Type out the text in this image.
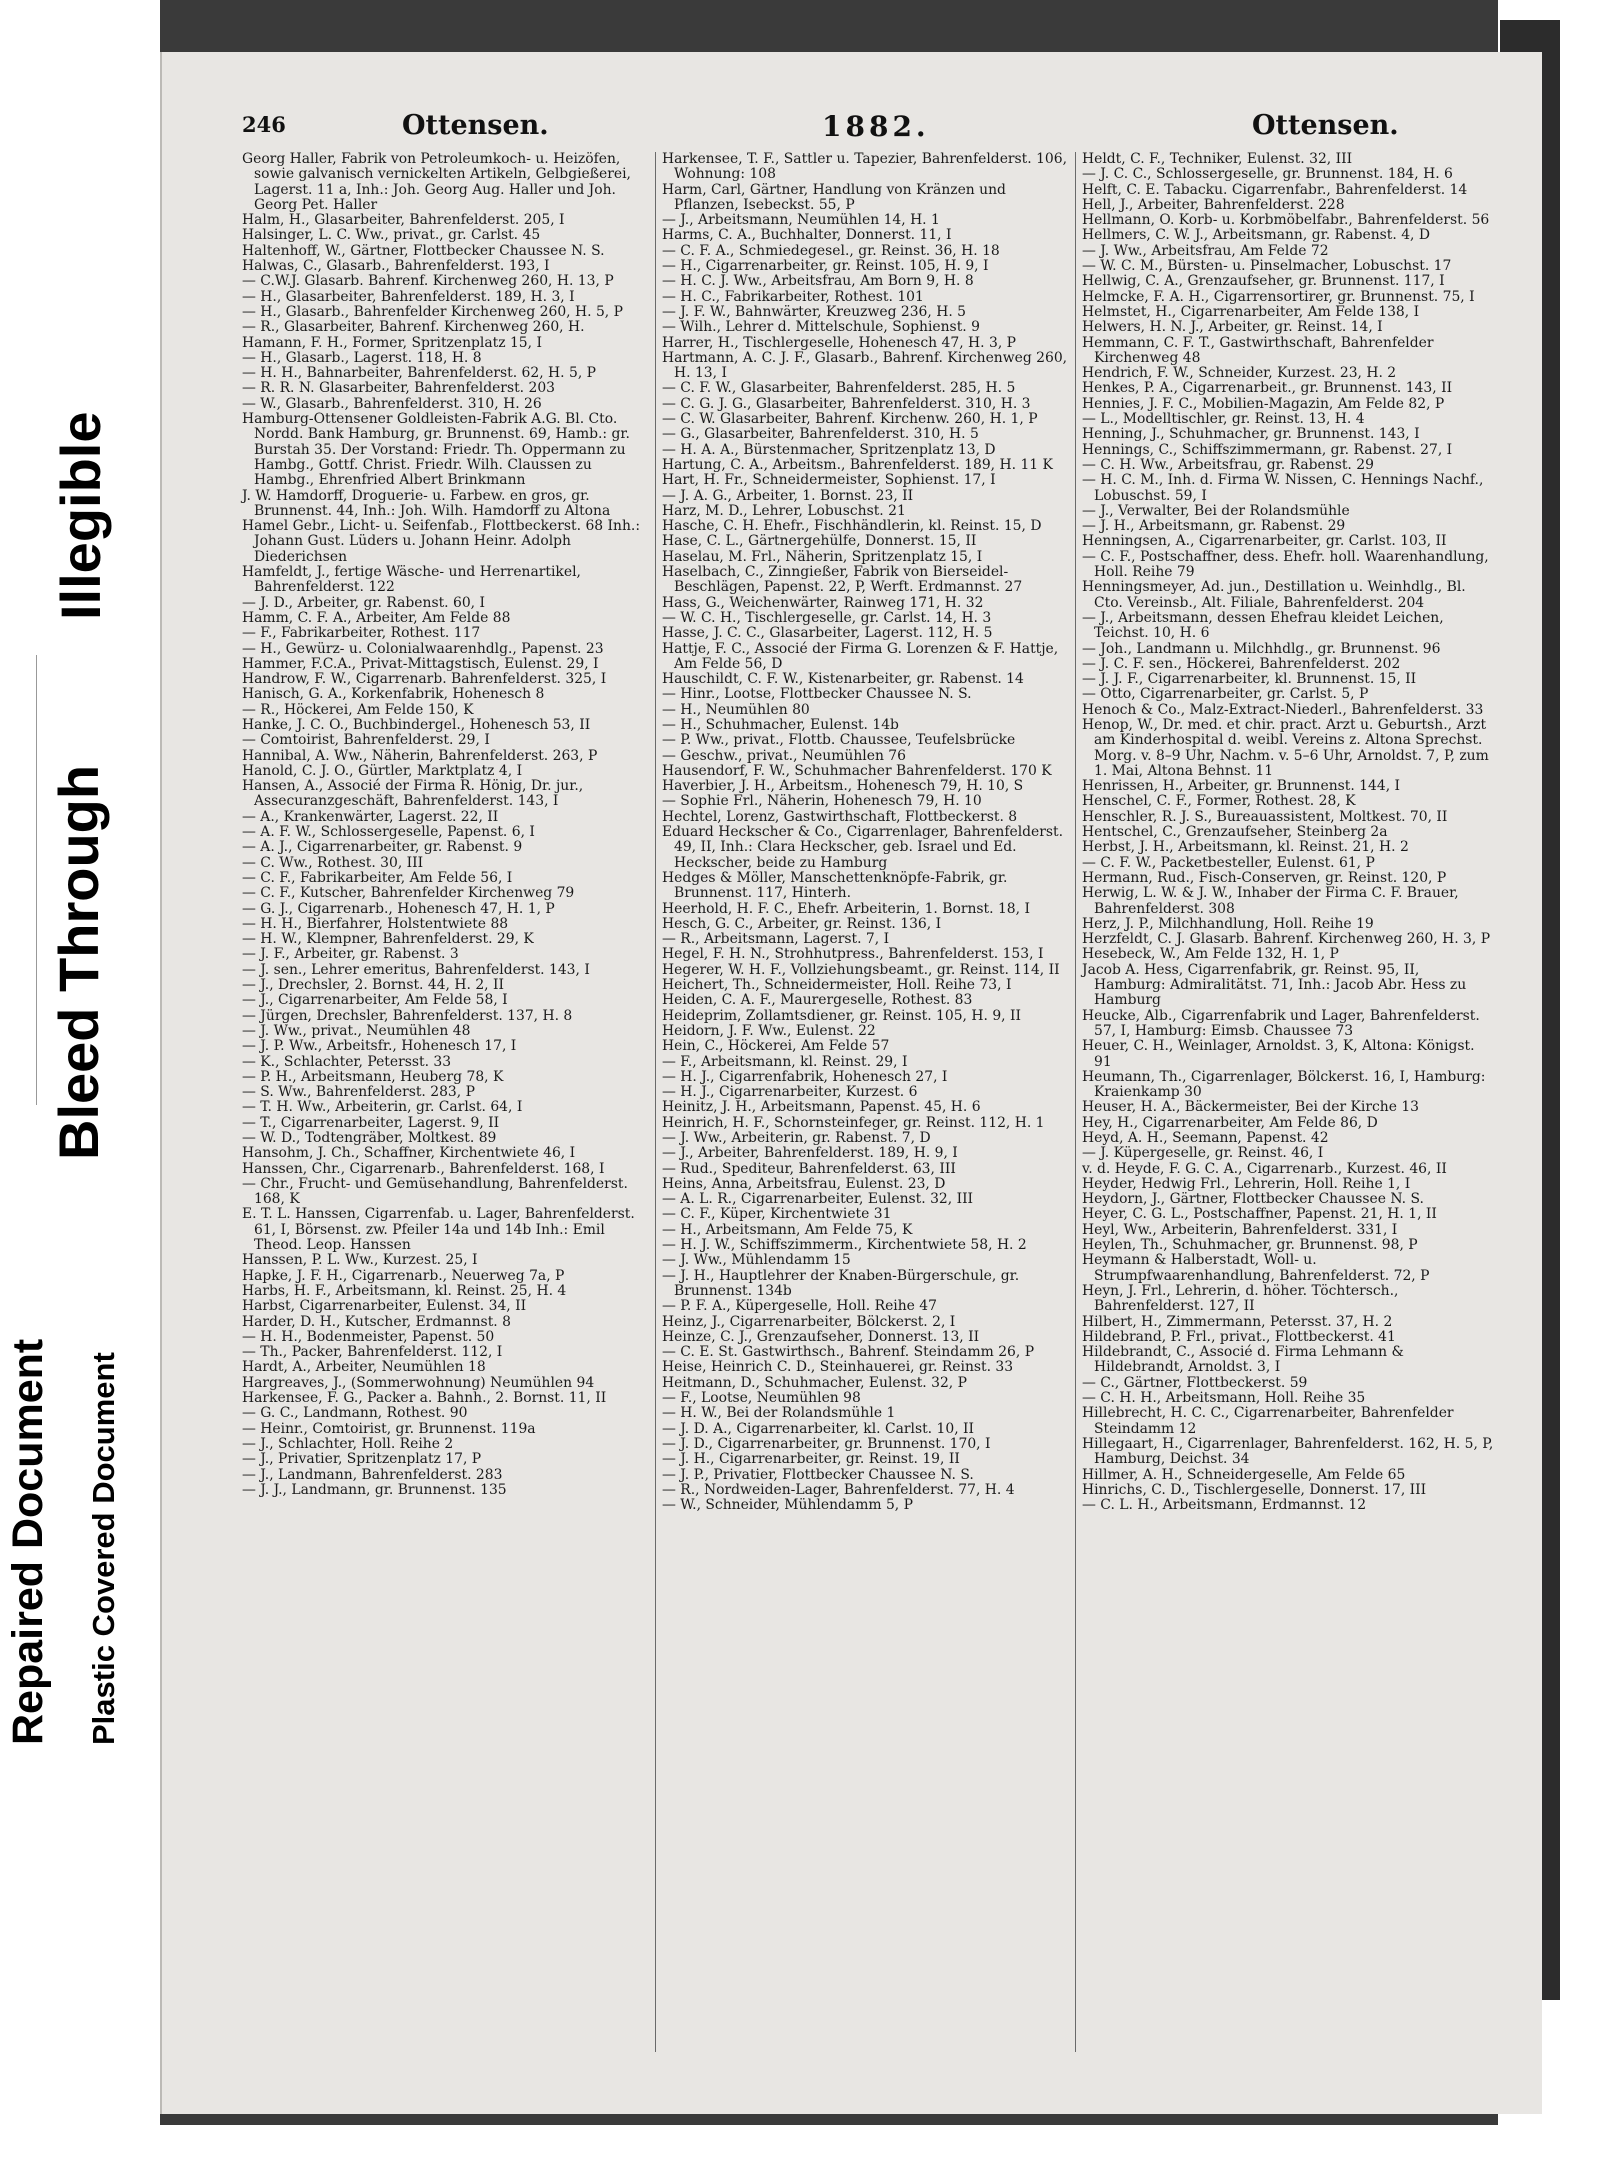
Repaired Document Plastic Covered Document
Bleed Through
Illegible
246	Ottensen.	1882.	Ottensen.

Georg Haller, Fabrik von Petroleumkoch- u. Heizöfen, sowie galvanisch vernickelten Artikeln, Gelbgießerei, Lagerst. 11 a, Inh.: Joh. Georg Aug. Haller und Joh. Georg Pet. Haller

Halm, H., Glasarbeiter, Bahrenfelderst. 205, I

Halsinger, L. C. Ww., privat., gr. Carlst. 45

Haltenhoff, W., Gärtner, Flottbecker Chaussee N. S.

Halwas, C., Glasarb., Bahrenfelderst. 193, I

— C.W.J. Glasarb. Bahrenf. Kirchenweg 260, H. 13, P

— H., Glasarbeiter, Bahrenfelderst. 189, H. 3, I

— H., Glasarb., Bahrenfelder Kirchenweg 260, H. 5, P

— R., Glasarbeiter, Bahrenf. Kirchenweg 260, H.

Hamann, F. H., Former, Spritzenplatz 15, I

— H., Glasarb., Lagerst. 118, H. 8

— H. H., Bahnarbeiter, Bahrenfelderst. 62, H. 5, P

— R. R. N. Glasarbeiter, Bahrenfelderst. 203

— W., Glasarb., Bahrenfelderst. 310, H. 26

Hamburg-Ottensener Goldleisten-Fabrik A.G. Bl. Cto. Nordd. Bank Hamburg, gr. Brunnenst. 69, Hamb.: gr. Burstah 35. Der Vorstand: Friedr. Th. Oppermann zu Hambg., Gottf. Christ. Friedr. Wilh. Claussen zu Hambg., Ehrenfried Albert Brinkmann

J. W. Hamdorff, Droguerie- u. Farbew. en gros, gr. Brunnenst. 44, Inh.: Joh. Wilh. Hamdorff zu Altona

Hamel Gebr., Licht- u. Seifenfab., Flottbeckerst. 68 Inh.: Johann Gust. Lüders u. Johann Heinr. Adolph Diederichsen

Hamfeldt, J., fertige Wäsche- und Herrenartikel, Bahrenfelderst. 122

— J. D., Arbeiter, gr. Rabenst. 60, I

Hamm, C. F. A., Arbeiter, Am Felde 88

— F., Fabrikarbeiter, Rothest. 117

— H., Gewürz- u. Colonialwaarenhdlg., Papenst. 23

Hammer, F.C.A., Privat-Mittagstisch, Eulenst. 29, I

Handrow, F. W., Cigarrenarb. Bahrenfelderst. 325, I

Hanisch, G. A., Korkenfabrik, Hohenesch 8

— R., Höckerei, Am Felde 150, K

Hanke, J. C. O., Buchbindergel., Hohenesch 53, II

— Comtoirist, Bahrenfelderst. 29, I

Hannibal, A. Ww., Näherin, Bahrenfelderst. 263, P

Hanold, C. J. O., Gürtler, Marktplatz 4, I

Hansen, A., Associé der Firma R. Hönig, Dr. jur., Assecuranzgeschäft, Bahrenfelderst. 143, I

— A., Krankenwärter, Lagerst. 22, II

— A. F. W., Schlossergeselle, Papenst. 6, I

— A. J., Cigarrenarbeiter, gr. Rabenst. 9

— C. Ww., Rothest. 30, III

— C. F., Fabrikarbeiter, Am Felde 56, I

— C. F., Kutscher, Bahrenfelder Kirchenweg 79

— G. J., Cigarrenarb., Hohenesch 47, H. 1, P

— H. H., Bierfahrer, Holstentwiete 88

— H. W., Klempner, Bahrenfelderst. 29, K

— J. F., Arbeiter, gr. Rabenst. 3

— J. sen., Lehrer emeritus, Bahrenfelderst. 143, I

— J., Drechsler, 2. Bornst. 44, H. 2, II

— J., Cigarrenarbeiter, Am Felde 58, I

— Jürgen, Drechsler, Bahrenfelderst. 137, H. 8

— J. Ww., privat., Neumühlen 48

— J. P. Ww., Arbeitsfr., Hohenesch 17, I

— K., Schlachter, Petersst. 33

— P. H., Arbeitsmann, Heuberg 78, K

— S. Ww., Bahrenfelderst. 283, P

— T. H. Ww., Arbeiterin, gr. Carlst. 64, I

— T., Cigarrenarbeiter, Lagerst. 9, II

— W. D., Todtengräber, Moltkest. 89

Hansohm, J. Ch., Schaffner, Kirchentwiete 46, I

Hanssen, Chr., Cigarrenarb., Bahrenfelderst. 168, I

— Chr., Frucht- und Gemüsehandlung, Bahrenfelderst. 168, K

E. T. L. Hanssen, Cigarrenfab. u. Lager, Bahrenfelderst. 61, I, Börsenst. zw. Pfeiler 14a und 14b Inh.: Emil Theod. Leop. Hanssen

Hanssen, P. L. Ww., Kurzest. 25, I

Hapke, J. F. H., Cigarrenarb., Neuerweg 7a, P

Harbs, H. F., Arbeitsmann, kl. Reinst. 25, H. 4

Harbst, Cigarrenarbeiter, Eulenst. 34, II

Harder, D. H., Kutscher, Erdmannst. 8

— H. H., Bodenmeister, Papenst. 50

— Th., Packer, Bahrenfelderst. 112, I

Hardt, A., Arbeiter, Neumühlen 18

Hargreaves, J., (Sommerwohnung) Neumühlen 94

Harkensee, F. G., Packer a. Bahnh., 2. Bornst. 11, II

— G. C., Landmann, Rothest. 90

— Heinr., Comtoirist, gr. Brunnenst. 119a

— J., Schlachter, Holl. Reihe 2

— J., Privatier, Spritzenplatz 17, P

— J., Landmann, Bahrenfelderst. 283

— J. J., Landmann, gr. Brunnenst. 135

Harkensee, T. F., Sattler u. Tapezier, Bahrenfelderst. 106, Wohnung: 108

Harm, Carl, Gärtner, Handlung von Kränzen und Pflanzen, Isebeckst. 55, P

— J., Arbeitsmann, Neumühlen 14, H. 1

Harms, C. A., Buchhalter, Donnerst. 11, I

— C. F. A., Schmiedegesel., gr. Reinst. 36, H. 18

— H., Cigarrenarbeiter, gr. Reinst. 105, H. 9, I

— H. C. J. Ww., Arbeitsfrau, Am Born 9, H. 8

— H. C., Fabrikarbeiter, Rothest. 101

— J. F. W., Bahnwärter, Kreuzweg 236, H. 5

— Wilh., Lehrer d. Mittelschule, Sophienst. 9

Harrer, H., Tischlergeselle, Hohenesch 47, H. 3, P

Hartmann, A. C. J. F., Glasarb., Bahrenf. Kirchenweg 260, H. 13, I

— C. F. W., Glasarbeiter, Bahrenfelderst. 285, H. 5

— C. G. J. G., Glasarbeiter, Bahrenfelderst. 310, H. 3

— C. W. Glasarbeiter, Bahrenf. Kirchenw. 260, H. 1, P

— G., Glasarbeiter, Bahrenfelderst. 310, H. 5

— H. A. A., Bürstenmacher, Spritzenplatz 13, D

Hartung, C. A., Arbeitsm., Bahrenfelderst. 189, H. 11 K

Hart, H. Fr., Schneidermeister, Sophienst. 17, I

— J. A. G., Arbeiter, 1. Bornst. 23, II

Harz, M. D., Lehrer, Lobuschst. 21

Hasche, C. H. Ehefr., Fischhändlerin, kl. Reinst. 15, D

Hase, C. L., Gärtnergehülfe, Donnerst. 15, II

Haselau, M. Frl., Näherin, Spritzenplatz 15, I

Haselbach, C., Zinngießer, Fabrik von Bierseidel-Beschlägen, Papenst. 22, P, Werft. Erdmannst. 27

Hass, G., Weichenwärter, Rainweg 171, H. 32

— W. C. H., Tischlergeselle, gr. Carlst. 14, H. 3

Hasse, J. C. C., Glasarbeiter, Lagerst. 112, H. 5

Hattje, F. C., Associé der Firma G. Lorenzen & F. Hattje, Am Felde 56, D

Hauschildt, C. F. W., Kistenarbeiter, gr. Rabenst. 14

— Hinr., Lootse, Flottbecker Chaussee N. S.

— H., Neumühlen 80

— H., Schuhmacher, Eulenst. 14b

— P. Ww., privat., Flottb. Chaussee, Teufelsbrücke

— Geschw., privat., Neumühlen 76

Hausendorf, F. W., Schuhmacher Bahrenfelderst. 170 K

Haverbier, J. H., Arbeitsm., Hohenesch 79, H. 10, S

— Sophie Frl., Näherin, Hohenesch 79, H. 10

Hechtel, Lorenz, Gastwirthschaft, Flottbeckerst. 8

Eduard Heckscher & Co., Cigarrenlager, Bahrenfelderst. 49, II, Inh.: Clara Heckscher, geb. Israel und Ed. Heckscher, beide zu Hamburg

Hedges & Möller, Manschettenknöpfe-Fabrik, gr. Brunnenst. 117, Hinterh.

Heerhold, H. F. C., Ehefr. Arbeiterin, 1. Bornst. 18, I

Hesch, G. C., Arbeiter, gr. Reinst. 136, I

— R., Arbeitsmann, Lagerst. 7, I

Hegel, F. H. N., Strohhutpress., Bahrenfelderst. 153, I

Hegerer, W. H. F., Vollziehungsbeamt., gr. Reinst. 114, II

Heichert, Th., Schneidermeister, Holl. Reihe 73, I

Heiden, C. A. F., Maurergeselle, Rothest. 83

Heideprim, Zollamtsdiener, gr. Reinst. 105, H. 9, II

Heidorn, J. F. Ww., Eulenst. 22

Hein, C., Höckerei, Am Felde 57

— F., Arbeitsmann, kl. Reinst. 29, I

— H. J., Cigarrenfabrik, Hohenesch 27, I

— H. J., Cigarrenarbeiter, Kurzest. 6

Heinitz, J. H., Arbeitsmann, Papenst. 45, H. 6

Heinrich, H. F., Schornsteinfeger, gr. Reinst. 112, H. 1

— J. Ww., Arbeiterin, gr. Rabenst. 7, D

— J., Arbeiter, Bahrenfelderst. 189, H. 9, I

— Rud., Spediteur, Bahrenfelderst. 63, III

Heins, Anna, Arbeitsfrau, Eulenst. 23, D

— A. L. R., Cigarrenarbeiter, Eulenst. 32, III

— C. F., Küper, Kirchentwiete 31

— H., Arbeitsmann, Am Felde 75, K

— H. J. W., Schiffszimmerm., Kirchentwiete 58, H. 2

— J. Ww., Mühlendamm 15

— J. H., Hauptlehrer der Knaben-Bürgerschule, gr. Brunnenst. 134b

— P. F. A., Küpergeselle, Holl. Reihe 47

Heinz, J., Cigarrenarbeiter, Bölckerst. 2, I

Heinze, C. J., Grenzaufseher, Donnerst. 13, II

— C. E. St. Gastwirthsch., Bahrenf. Steindamm 26, P

Heise, Heinrich C. D., Steinhauerei, gr. Reinst. 33

Heitmann, D., Schuhmacher, Eulenst. 32, P

— F., Lootse, Neumühlen 98

— H. W., Bei der Rolandsmühle 1

— J. D. A., Cigarrenarbeiter, kl. Carlst. 10, II

— J. D., Cigarrenarbeiter, gr. Brunnenst. 170, I

— J. H., Cigarrenarbeiter, gr. Reinst. 19, II

— J. P., Privatier, Flottbecker Chaussee N. S.

— R., Nordweiden-Lager, Bahrenfelderst. 77, H. 4

— W., Schneider, Mühlendamm 5, P

Heldt, C. F., Techniker, Eulenst. 32, III

— J. C. C., Schlossergeselle, gr. Brunnenst. 184, H. 6

Helft, C. E. Tabacku. Cigarrenfabr., Bahrenfelderst. 14

Hell, J., Arbeiter, Bahrenfelderst. 228

Hellmann, O. Korb- u. Korbmöbelfabr., Bahrenfelderst. 56

Hellmers, C. W. J., Arbeitsmann, gr. Rabenst. 4, D

— J. Ww., Arbeitsfrau, Am Felde 72

— W. C. M., Bürsten- u. Pinselmacher, Lobuschst. 17

Hellwig, C. A., Grenzaufseher, gr. Brunnenst. 117, I

Helmcke, F. A. H., Cigarrensortirer, gr. Brunnenst. 75, I

Helmstet, H., Cigarrenarbeiter, Am Felde 138, I

Helwers, H. N. J., Arbeiter, gr. Reinst. 14, I

Hemmann, C. F. T., Gastwirthschaft, Bahrenfelder Kirchenweg 48

Hendrich, F. W., Schneider, Kurzest. 23, H. 2

Henkes, P. A., Cigarrenarbeit., gr. Brunnenst. 143, II

Hennies, J. F. C., Mobilien-Magazin, Am Felde 82, P

— L., Modelltischler, gr. Reinst. 13, H. 4

Henning, J., Schuhmacher, gr. Brunnenst. 143, I

Hennings, C., Schiffszimmermann, gr. Rabenst. 27, I

— C. H. Ww., Arbeitsfrau, gr. Rabenst. 29

— H. C. M., Inh. d. Firma W. Nissen, C. Hennings Nachf., Lobuschst. 59, I

— J., Verwalter, Bei der Rolandsmühle

— J. H., Arbeitsmann, gr. Rabenst. 29

Henningsen, A., Cigarrenarbeiter, gr. Carlst. 103, II

— C. F., Postschaffner, dess. Ehefr. holl. Waarenhandlung, Holl. Reihe 79

Henningsmeyer, Ad. jun., Destillation u. Weinhdlg., Bl. Cto. Vereinsb., Alt. Filiale, Bahrenfelderst. 204

— J., Arbeitsmann, dessen Ehefrau kleidet Leichen, Teichst. 10, H. 6

— Joh., Landmann u. Milchhdlg., gr. Brunnenst. 96

— J. C. F. sen., Höckerei, Bahrenfelderst. 202

— J. J. F., Cigarrenarbeiter, kl. Brunnenst. 15, II

— Otto, Cigarrenarbeiter, gr. Carlst. 5, P

Henoch & Co., Malz-Extract-Niederl., Bahrenfelderst. 33

Henop, W., Dr. med. et chir. pract. Arzt u. Geburtsh., Arzt am Kinderhospital d. weibl. Vereins z. Altona Sprechst. Morg. v. 8–9 Uhr, Nachm. v. 5–6 Uhr, Arnoldst. 7, P, zum 1. Mai, Altona Behnst. 11

Henrissen, H., Arbeiter, gr. Brunnenst. 144, I

Henschel, C. F., Former, Rothest. 28, K

Henschler, R. J. S., Bureauassistent, Moltkest. 70, II

Hentschel, C., Grenzaufseher, Steinberg 2a

Herbst, J. H., Arbeitsmann, kl. Reinst. 21, H. 2

— C. F. W., Packetbesteller, Eulenst. 61, P

Hermann, Rud., Fisch-Conserven, gr. Reinst. 120, P

Herwig, L. W. & J. W., Inhaber der Firma C. F. Brauer, Bahrenfelderst. 308

Herz, J. P., Milchhandlung, Holl. Reihe 19

Herzfeldt, C. J. Glasarb. Bahrenf. Kirchenweg 260, H. 3, P

Hesebeck, W., Am Felde 132, H. 1, P

Jacob A. Hess, Cigarrenfabrik, gr. Reinst. 95, II, Hamburg: Admiralitätst. 71, Inh.: Jacob Abr. Hess zu Hamburg

Heucke, Alb., Cigarrenfabrik und Lager, Bahrenfelderst. 57, I, Hamburg: Eimsb. Chaussee 73

Heuer, C. H., Weinlager, Arnoldst. 3, K, Altona: Königst. 91

Heumann, Th., Cigarrenlager, Bölckerst. 16, I, Hamburg: Kraienkamp 30

Heuser, H. A., Bäckermeister, Bei der Kirche 13

Hey, H., Cigarrenarbeiter, Am Felde 86, D

Heyd, A. H., Seemann, Papenst. 42

— J. Küpergeselle, gr. Reinst. 46, I

v. d. Heyde, F. G. C. A., Cigarrenarb., Kurzest. 46, II

Heyder, Hedwig Frl., Lehrerin, Holl. Reihe 1, I

Heydorn, J., Gärtner, Flottbecker Chaussee N. S.

Heyer, C. G. L., Postschaffner, Papenst. 21, H. 1, II

Heyl, Ww., Arbeiterin, Bahrenfelderst. 331, I

Heylen, Th., Schuhmacher, gr. Brunnenst. 98, P

Heymann & Halberstadt, Woll- u. Strumpfwaarenhandlung, Bahrenfelderst. 72, P

Heyn, J. Frl., Lehrerin, d. höher. Töchtersch., Bahrenfelderst. 127, II

Hilbert, H., Zimmermann, Petersst. 37, H. 2

Hildebrand, P. Frl., privat., Flottbeckerst. 41

Hildebrandt, C., Associé d. Firma Lehmann & Hildebrandt, Arnoldst. 3, I

— C., Gärtner, Flottbeckerst. 59

— C. H. H., Arbeitsmann, Holl. Reihe 35

Hillebrecht, H. C. C., Cigarrenarbeiter, Bahrenfelder Steindamm 12

Hillegaart, H., Cigarrenlager, Bahrenfelderst. 162, H. 5, P, Hamburg, Deichst. 34

Hillmer, A. H., Schneidergeselle, Am Felde 65

Hinrichs, C. D., Tischlergeselle, Donnerst. 17, III

— C. L. H., Arbeitsmann, Erdmannst. 12
